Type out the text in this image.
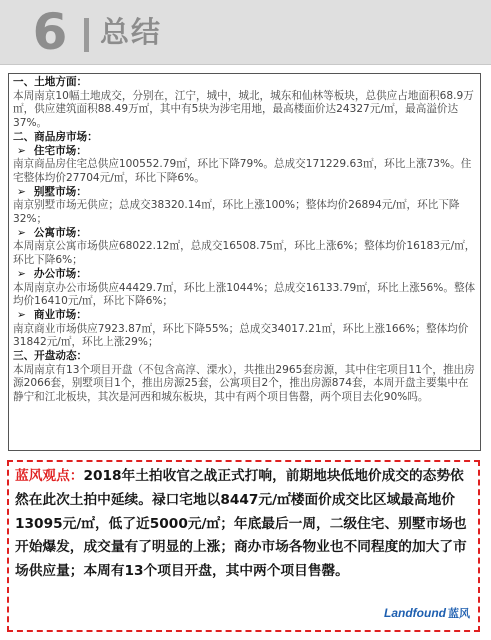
6	总结
一、土地方面：
本周南京10幅土地成交，分别在，江宁，城中，城北，城东和仙林等板块，总供应占地面积68.9万㎡，供应建筑面积88.49万㎡，其中有5块为涉宅用地，最高楼面价达24327元/㎡，最高溢价达37%。
二、商品房市场：
➢ 住宅市场：
南京商品房住宅总供应100552.79㎡，环比下降79%。总成交171229.63㎡，环比上涨73%。住宅整体均价27704元/㎡，环比下降6%。
➢ 别墅市场：
南京别墅市场无供应；总成交38320.14㎡，环比上涨100%；整体均价26894元/㎡，环比下降32%；
➢ 公寓市场：
本周南京公寓市场供应68022.12㎡，总成交16508.75㎡，环比上涨6%；整体均价16183元/㎡，环比下降6%；
➢ 办公市场：
本周南京办公市场供应44429.7㎡，环比上涨1044%；总成交16133.79㎡，环比上涨56%。整体均价16410元/㎡，环比下降6%；
➢ 商业市场：
南京商业市场供应7923.87㎡，环比下降55%；总成交34017.21㎡，环比上涨166%；整体均价31842元/㎡，环比上涨29%；
三、开盘动态：
本周南京有13个项目开盘（不包含高淳、溧水），共推出2965套房源，其中住宅项目11个，推出房源2066套，别墅项目1个，推出房源25套，公寓项目2个，推出房源874套，本周开盘主要集中在静宁和江北板块，其次是河西和城东板块，其中有两个项目售罄，两个项目去化90%吗。
蓝风观点：2018年土拍收官之战正式打响，前期地块低地价成交的态势依然在此次土拍中延续。禄口宅地以8447元/㎡楼面价成交比区域最高地价13095元/㎡，低了近5000元/㎡；年底最后一周，二级住宅、别墅市场也开始爆发，成交量有了明显的上涨；商办市场各物业也不同程度的加大了市场供应量；本周有13个项目开盘，其中两个项目售罄。
Landfound 蓝风
